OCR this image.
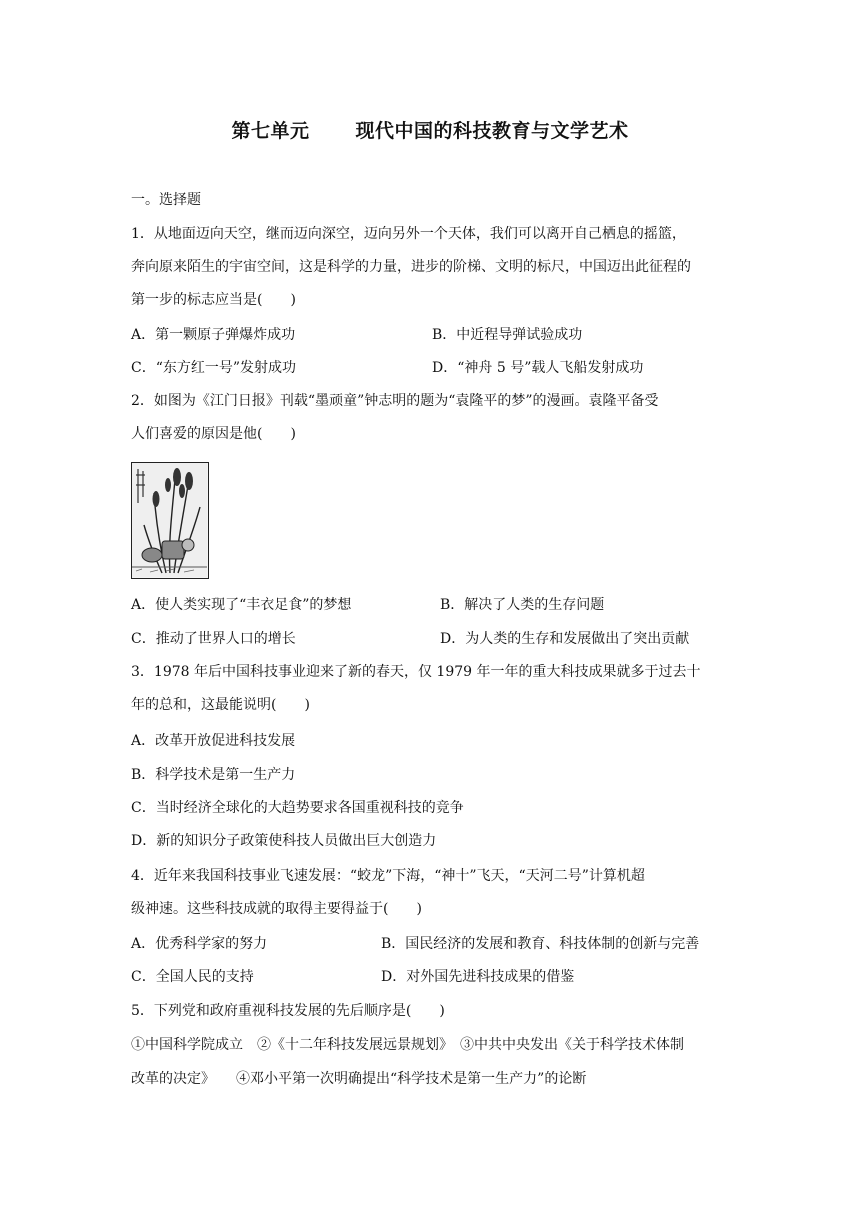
第七单元 现代中国的科技教育与文学艺术
一。选择题
1．从地面迈向天空，继而迈向深空，迈向另外一个天体，我们可以离开自己栖息的摇篮，
奔向原来陌生的宇宙空间，这是科学的力量，进步的阶梯、文明的标尺，中国迈出此征程的
第一步的标志应当是(　　)
A．第一颗原子弹爆炸成功	B．中近程导弹试验成功
C．“东方红一号”发射成功	D．“神舟 5 号”载人飞船发射成功
2．如图为《江门日报》刊载“墨顽童”钟志明的题为“袁隆平的梦”的漫画。袁隆平备受
人们喜爱的原因是他(　　)
A．使人类实现了“丰衣足食”的梦想	B．解决了人类的生存问题
C．推动了世界人口的增长	D．为人类的生存和发展做出了突出贡献
3．1978 年后中国科技事业迎来了新的春天，仅 1979 年一年的重大科技成果就多于过去十
年的总和，这最能说明(　　)
A．改革开放促进科技发展
B．科学技术是第一生产力
C．当时经济全球化的大趋势要求各国重视科技的竞争
D．新的知识分子政策使科技人员做出巨大创造力
4．近年来我国科技事业飞速发展：“蛟龙”下海，“神十”飞天，“天河二号”计算机超
级神速。这些科技成就的取得主要得益于(　　)
A．优秀科学家的努力	B．国民经济的发展和教育、科技体制的创新与完善
C．全国人民的支持	D．对外国先进科技成果的借鉴
5．下列党和政府重视科技发展的先后顺序是(　　)
①中国科学院成立　②《十二年科技发展远景规划》　③中共中央发出《关于科学技术体制
改革的决定》　　④邓小平第一次明确提出“科学技术是第一生产力”的论断
